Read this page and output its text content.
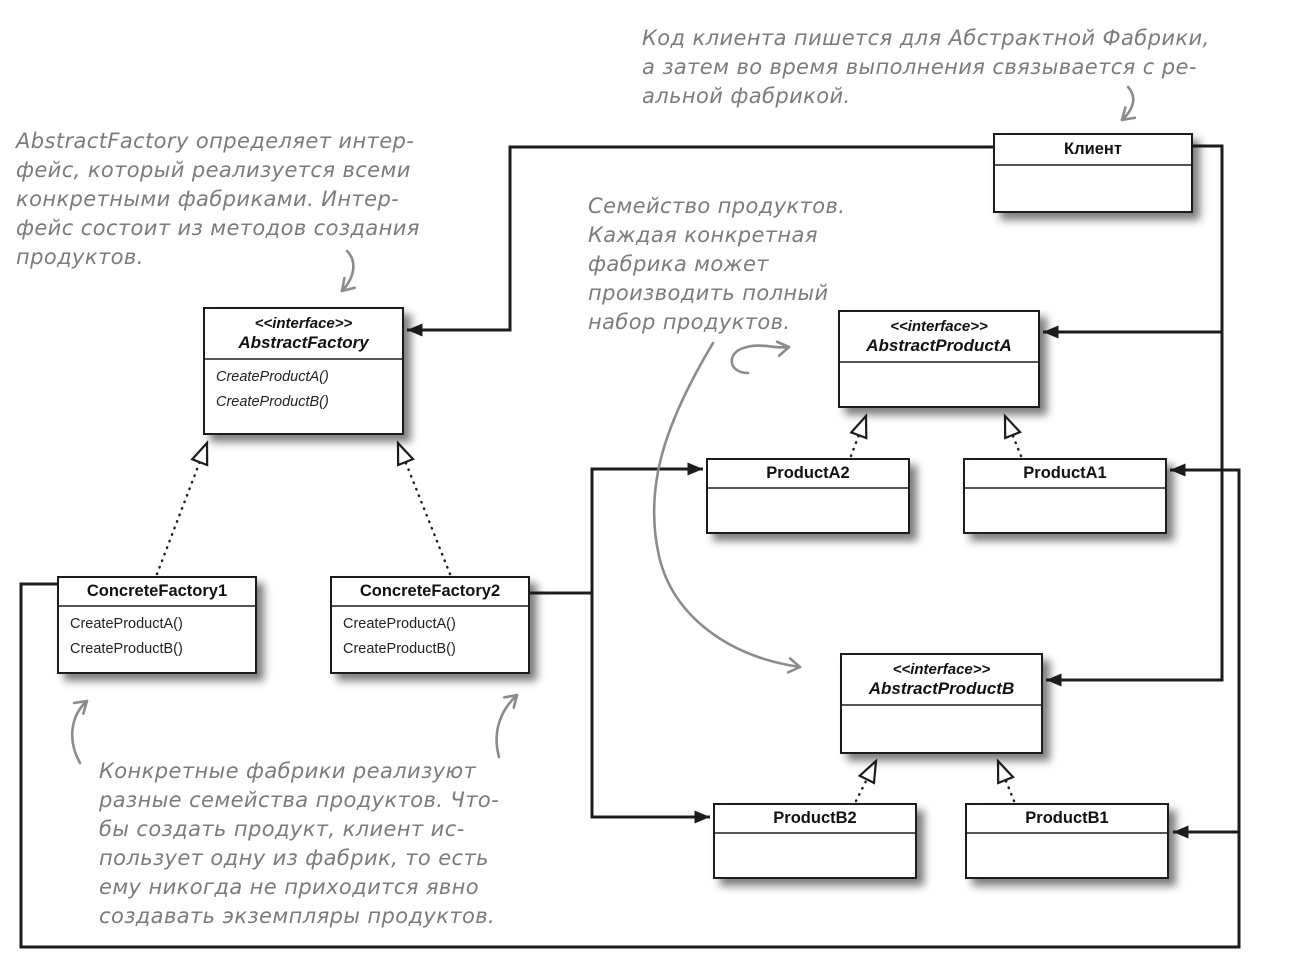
Код клиента пишется для Абстрактной Фабрики,
а затем во время выполнения связывается с ре-
альной фабрикой.
AbstractFactory определяет интер-
фейс, который реализуется всеми
конкретными фабриками. Интер-
фейс состоит из методов создания
продуктов.
Семейство продуктов.
Каждая конкретная
фабрика может
производить полный
набор продуктов.
Конкретные фабрики реализуют
разные семейства продуктов. Что-
бы создать продукт, клиент ис-
пользует одну из фабрик, то есть
ему никогда не приходится явно
создавать экземпляры продуктов.
Клиент
<<interface>>
AbstractFactory
CreateProductA()
CreateProductB()
<<interface>>
AbstractProductA
ProductA2	ProductA1
ConcreteFactory1
CreateProductA()
CreateProductB()
ConcreteFactory2
CreateProductA()
CreateProductB()
<<interface>>
AbstractProductB
ProductB2	ProductB1
